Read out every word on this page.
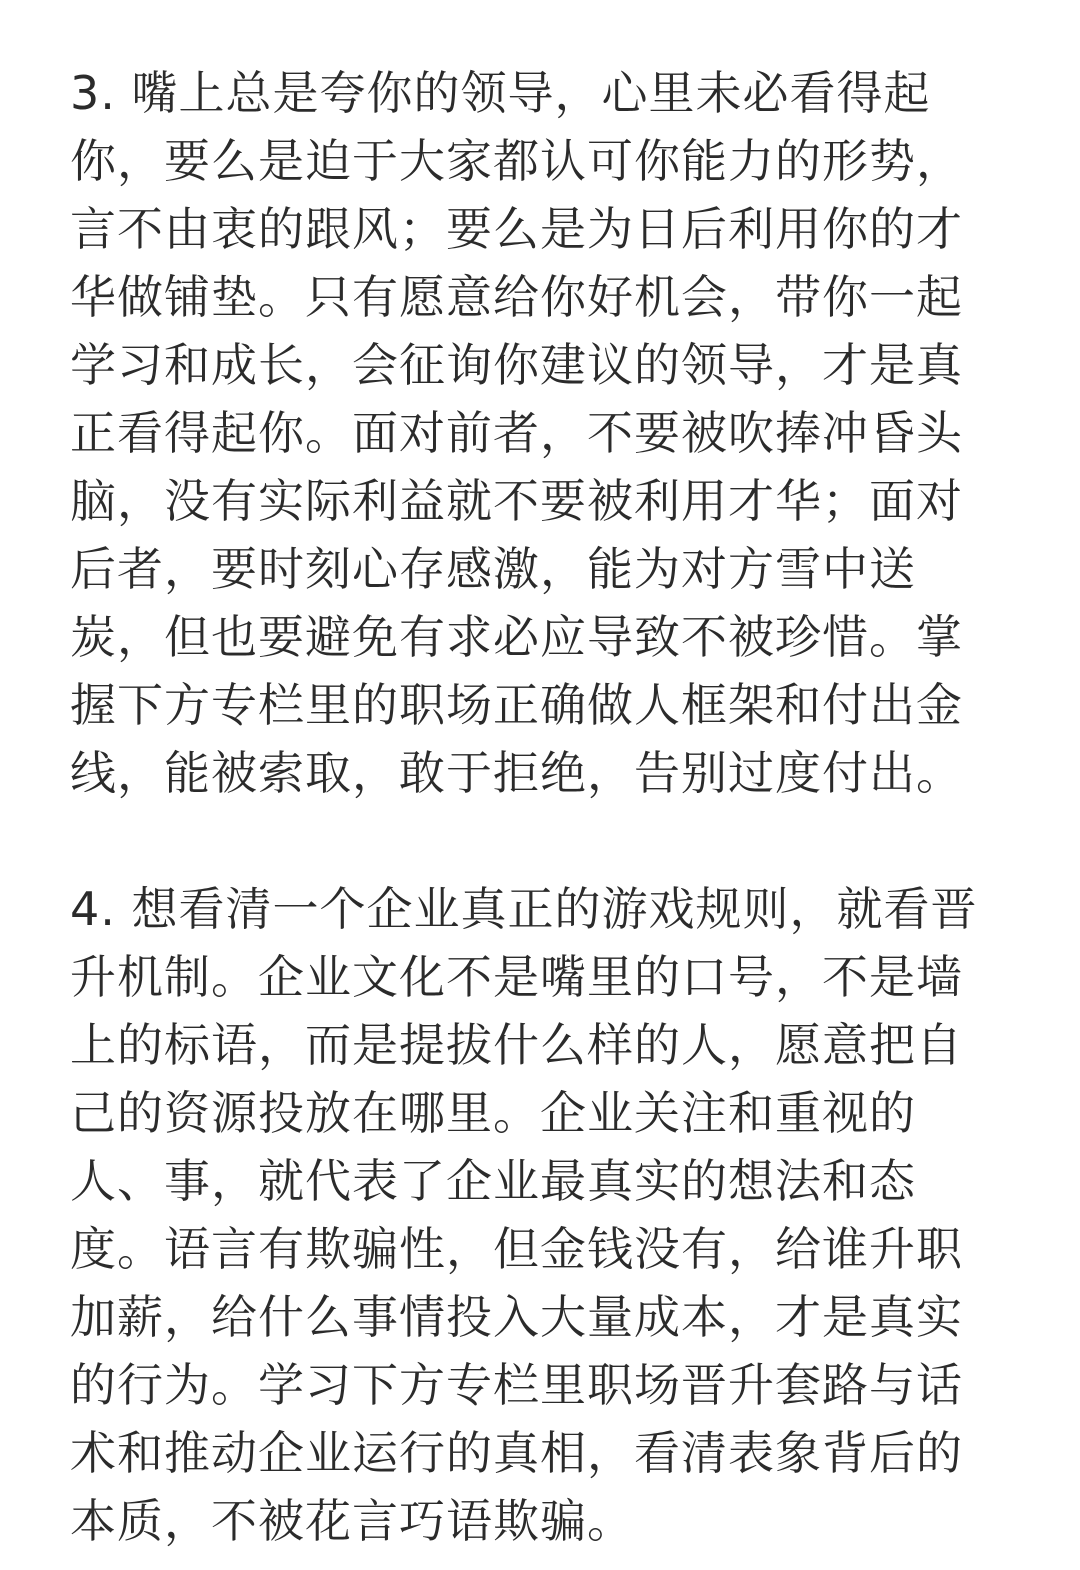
3. 嘴上总是夸你的领导，心里未必看得起
你，要么是迫于大家都认可你能力的形势，
言不由衷的跟风；要么是为日后利用你的才
华做铺垫。只有愿意给你好机会，带你一起
学习和成长，会征询你建议的领导，才是真
正看得起你。面对前者，不要被吹捧冲昏头
脑，没有实际利益就不要被利用才华；面对
后者，要时刻心存感激，能为对方雪中送
炭，但也要避免有求必应导致不被珍惜。掌
握下方专栏里的职场正确做人框架和付出金
线，能被索取，敢于拒绝，告别过度付出。
4. 想看清一个企业真正的游戏规则，就看晋
升机制。企业文化不是嘴里的口号，不是墙
上的标语，而是提拔什么样的人，愿意把自
己的资源投放在哪里。企业关注和重视的
人、事，就代表了企业最真实的想法和态
度。语言有欺骗性，但金钱没有，给谁升职
加薪，给什么事情投入大量成本，才是真实
的行为。学习下方专栏里职场晋升套路与话
术和推动企业运行的真相，看清表象背后的
本质，不被花言巧语欺骗。
